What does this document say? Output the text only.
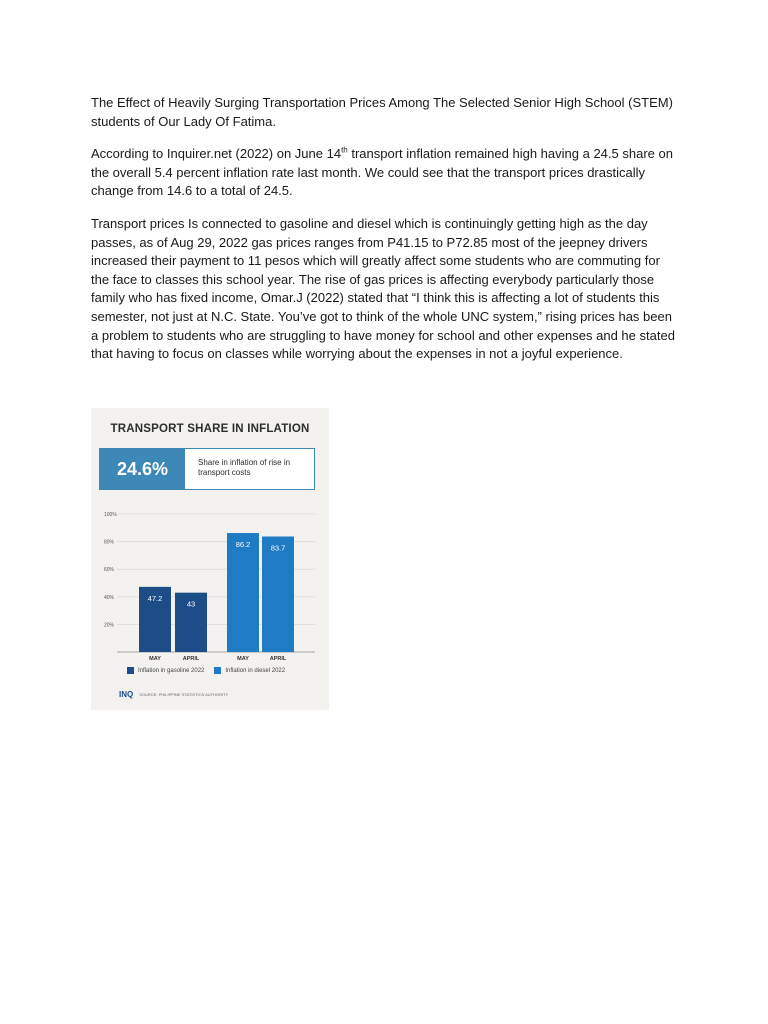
The Effect of Heavily Surging Transportation Prices Among The Selected Senior High School (STEM) students of Our Lady Of Fatima.

According to Inquirer.net (2022) on June 14th transport inflation remained high having a 24.5 share on the overall 5.4 percent inflation rate last month. We could see that the transport prices drastically change from 14.6 to a total of 24.5.

Transport prices Is connected to gasoline and diesel which is continuingly getting high as the day passes, as of Aug 29, 2022 gas prices ranges from P41.15 to P72.85 most of the jeepney drivers increased their payment to 11 pesos which will greatly affect some students who are commuting for the face to classes this school year. The rise of gas prices is affecting everybody particularly those family who has fixed income, Omar.J (2022) stated that “I think this is affecting a lot of students this semester, not just at N.C. State. You’ve got to think of the whole UNC system,” rising prices has been a problem to students who are struggling to have money for school and other expenses and he stated that having to focus on classes while worrying about the expenses in not a joyful experience.

TRANSPORT SHARE IN INFLATION
24.6%	Share in inflation of rise in transport costs
100%
80%
60%
40%
20%
47.2
MAY
43
APRIL
86.2
MAY
83.7
APRIL
Inflation in gasoline 2022	Inflation in diesel 2022
INQ SOURCE: PHILIPPINE STATISTICS AUTHORITY
